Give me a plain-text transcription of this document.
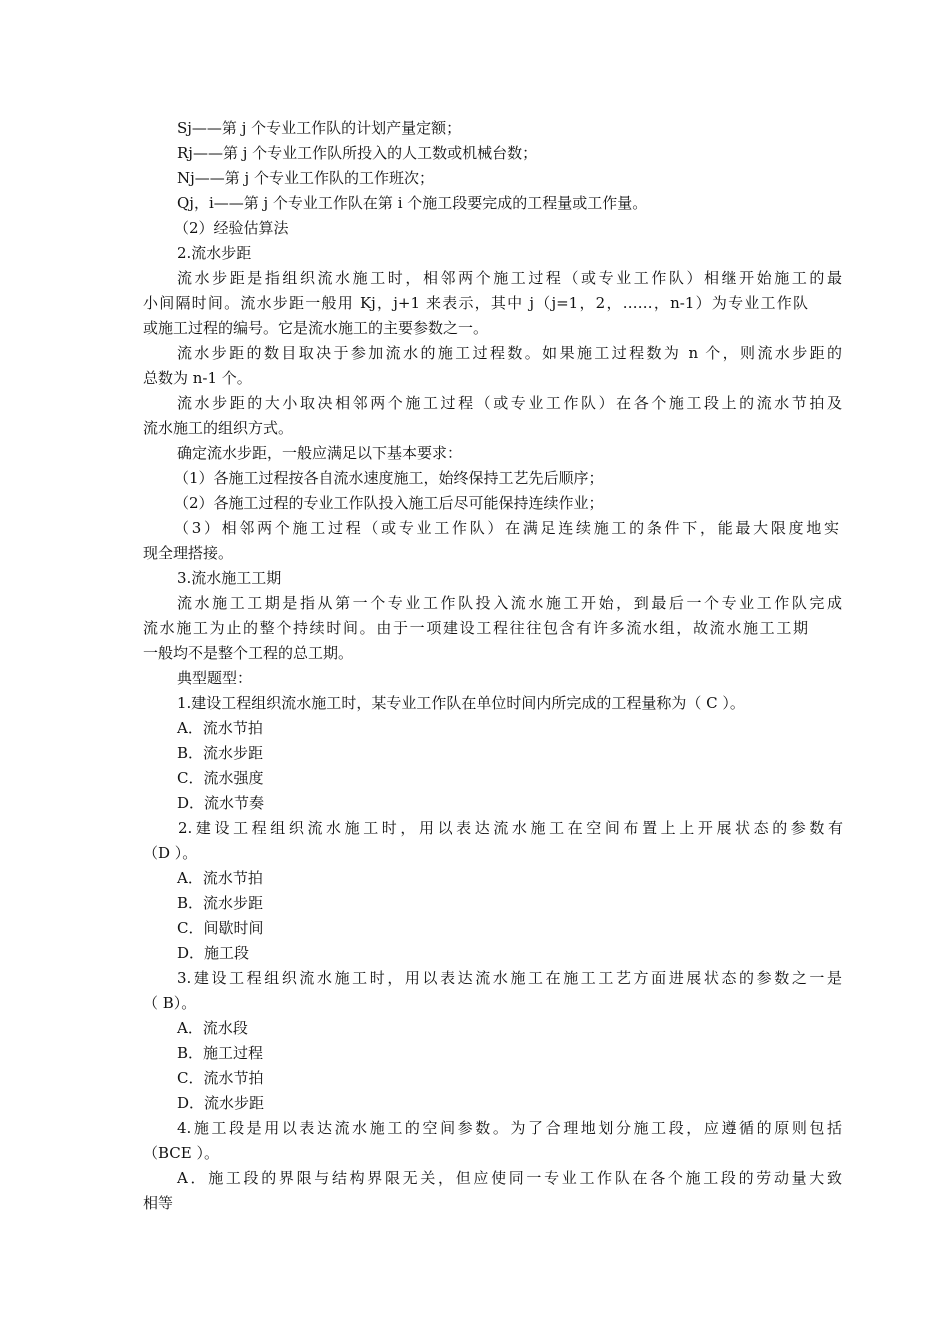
Sj——第 j 个专业工作队的计划产量定额；
Rj——第 j 个专业工作队所投入的人工数或机械台数；
Nj——第 j 个专业工作队的工作班次；
Qj，i——第 j 个专业工作队在第 i 个施工段要完成的工程量或工作量。
（2）经验估算法
2.流水步距
流水步距是指组织流水施工时，相邻两个施工过程（或专业工作队）相继开始施工的最
小间隔时间。流水步距一般用 Kj，j+1 来表示，其中 j（j=1，2，……，n-1）为专业工作队
或施工过程的编号。它是流水施工的主要参数之一。
流水步距的数目取决于参加流水的施工过程数。如果施工过程数为 n 个，则流水步距的
总数为 n-1 个。
流水步距的大小取决相邻两个施工过程（或专业工作队）在各个施工段上的流水节拍及
流水施工的组织方式。
确定流水步距，一般应满足以下基本要求：
（1）各施工过程按各自流水速度施工，始终保持工艺先后顺序；
（2）各施工过程的专业工作队投入施工后尽可能保持连续作业；
（3）相邻两个施工过程（或专业工作队）在满足连续施工的条件下，能最大限度地实
现全理搭接。
3.流水施工工期
流水施工工期是指从第一个专业工作队投入流水施工开始，到最后一个专业工作队完成
流水施工为止的整个持续时间。由于一项建设工程往往包含有许多流水组，故流水施工工期
一般均不是整个工程的总工期。
典型题型：
1.建设工程组织流水施工时，某专业工作队在单位时间内所完成的工程量称为（ C ）。
A．流水节拍
B．流水步距
C．流水强度
D．流水节奏
2.建设工程组织流水施工时，用以表达流水施工在空间布置上上开展状态的参数有
（D ）。
A．流水节拍
B．流水步距
C．间歇时间
D．施工段
3.建设工程组织流水施工时，用以表达流水施工在施工工艺方面进展状态的参数之一是
（ B）。
A．流水段
B．施工过程
C．流水节拍
D．流水步距
4.施工段是用以表达流水施工的空间参数。为了合理地划分施工段，应遵循的原则包括
（BCE ）。
A．施工段的界限与结构界限无关，但应使同一专业工作队在各个施工段的劳动量大致
相等
